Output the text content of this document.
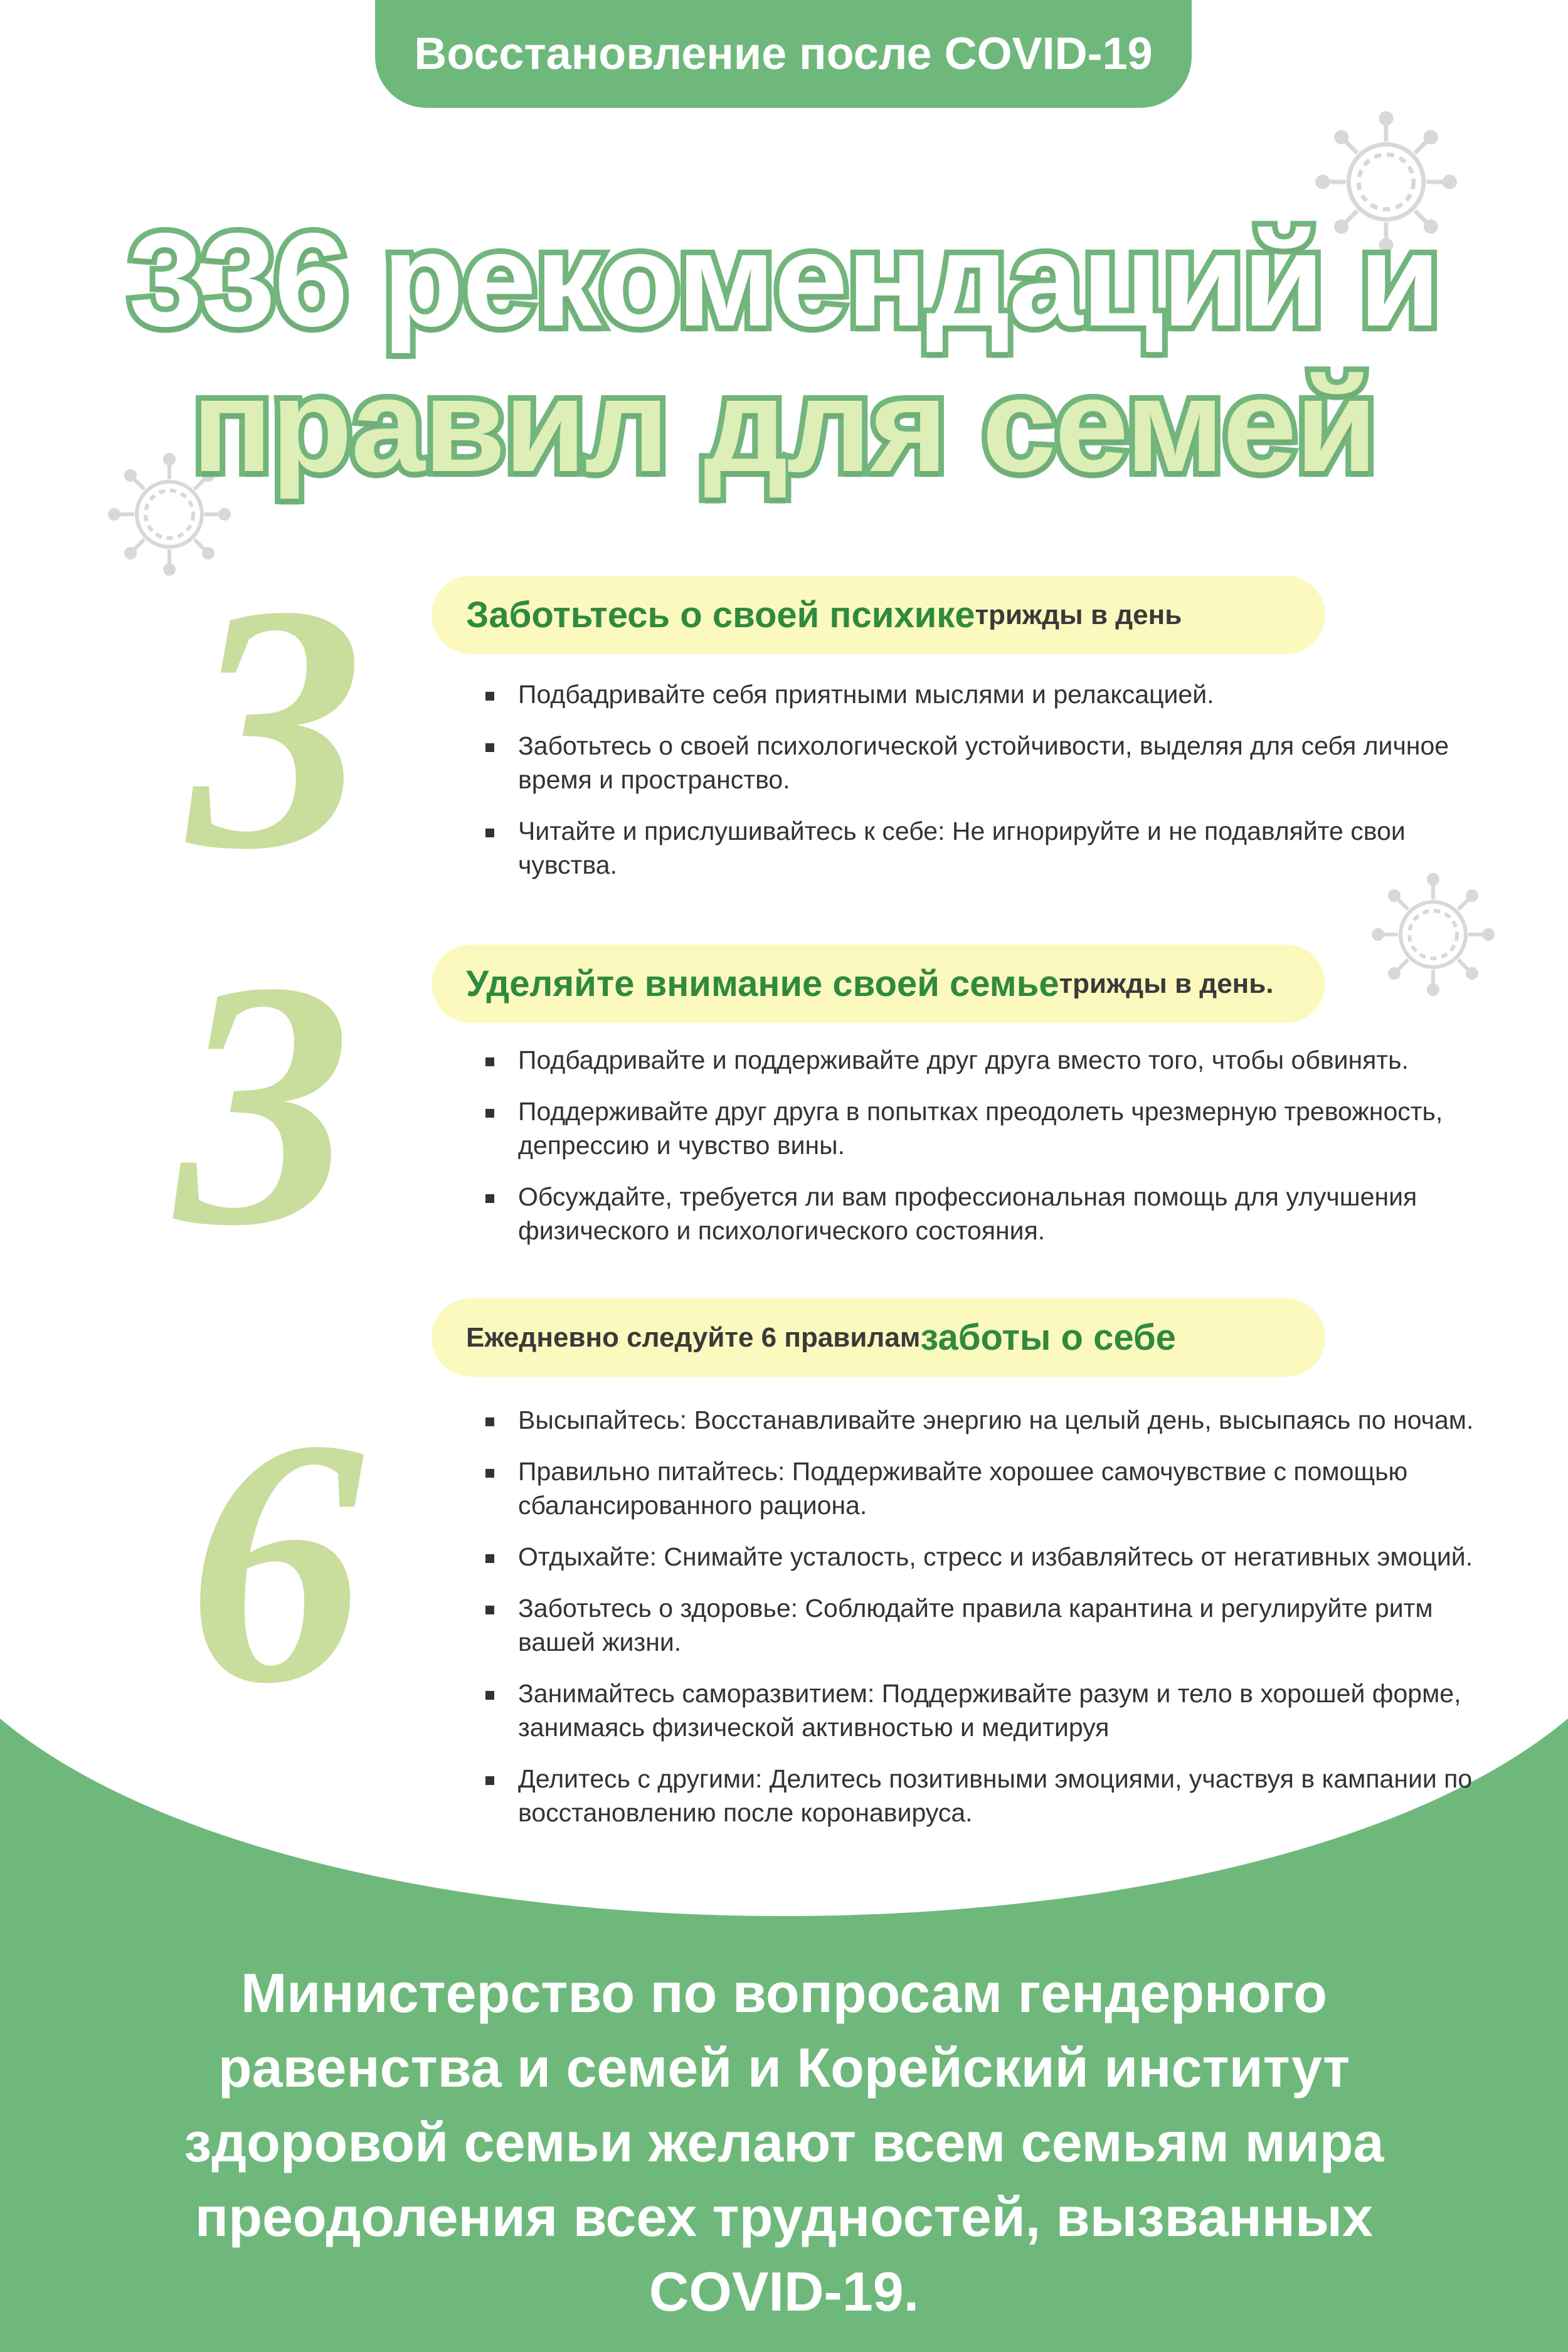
Восстановление после COVID-19
336 рекомендаций и
правил для семей
3	Заботьтесь о своей психике трижды в день
Подбадривайте себя приятными мыслями и релаксацией.
Заботьтесь о своей психологической устойчивости, выделяя для себя личное время и пространство.
Читайте и прислушивайтесь к себе: Не игнорируйте и не подавляйте свои чувства.
3	Уделяйте внимание своей семье трижды в день.
Подбадривайте и поддерживайте друг друга вместо того, чтобы обвинять.
Поддерживайте друг друга в попытках преодолеть чрезмерную тревожность, депрессию и чувство вины.
Обсуждайте, требуется ли вам профессиональная помощь для улучшения физического и психологического состояния.
6
Ежедневно следуйте 6 правилам заботы о себе
Высыпайтесь: Восстанавливайте энергию на целый день, высыпаясь по ночам.
Правильно питайтесь: Поддерживайте хорошее самочувствие с помощью сбалансированного рациона.
Отдыхайте: Снимайте усталость, стресс и избавляйтесь от негативных эмоций.
Заботьтесь о здоровье: Соблюдайте правила карантина и регулируйте ритм вашей жизни.
Занимайтесь саморазвитием: Поддерживайте разум и тело в хорошей форме, занимаясь физической активностью и медитируя
Делитесь с другими: Делитесь позитивными эмоциями, участвуя в кампании по восстановлению после коронавируса.
Министерство по вопросам гендерного
равенства и семей и Корейский институт
здоровой семьи желают всем семьям мира
преодоления всех трудностей, вызванных
COVID-19.
